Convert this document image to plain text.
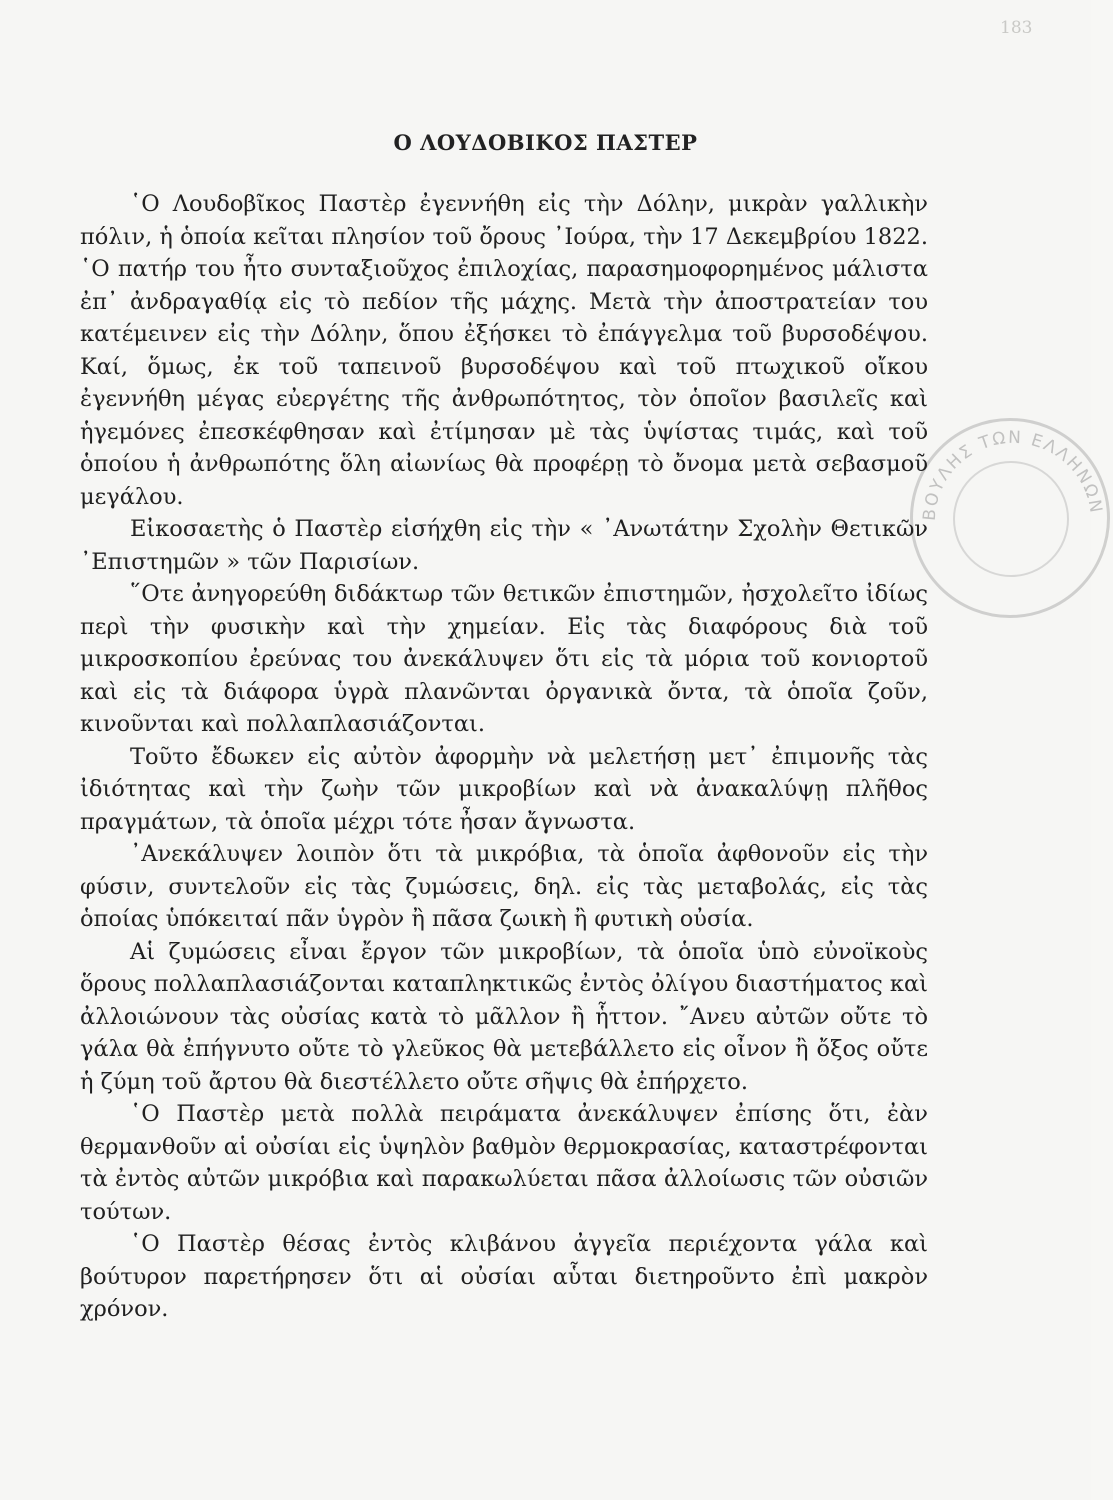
183
ΒΟΥΛΗΣ ΤΩΝ ΕΛΛΗΝΩΝ
Ο ΛΟΥΔΟΒΙΚΟΣ ΠΑΣΤΕΡ

῾Ο Λουδοβῖκος Παστὲρ ἐγεννήθη εἰς τὴν Δόλην, μικρὰν γαλλικὴν πόλιν, ἡ ὁποία κεῖται πλησίον τοῦ ὄρους ᾿Ιούρα, τὴν 17 Δεκεμβρίου 1822. ῾Ο πατήρ του ἦτο συνταξιοῦχος ἐπιλοχίας, παρασημοφορημένος μάλιστα ἐπ᾿ ἀνδραγαθίᾳ εἰς τὸ πεδίον τῆς μάχης. Μετὰ τὴν ἀποστρατείαν του κατέμεινεν εἰς τὴν Δόλην, ὅπου ἐξήσκει τὸ ἐπάγγελμα τοῦ βυρσοδέψου. Καί, ὅμως, ἐκ τοῦ ταπεινοῦ βυρσοδέψου καὶ τοῦ πτωχικοῦ οἴκου ἐγεννήθη μέγας εὐεργέτης τῆς ἀνθρωπότητος, τὸν ὁποῖον βασιλεῖς καὶ ἡγεμόνες ἐπεσκέφθησαν καὶ ἐτίμησαν μὲ τὰς ὑψίστας τιμάς, καὶ τοῦ ὁποίου ἡ ἀνθρωπότης ὅλη αἰωνίως θὰ προφέρῃ τὸ ὄνομα μετὰ σεβασμοῦ μεγάλου.

Εἰκοσαετὴς ὁ Παστὲρ εἰσήχθη εἰς τὴν « ᾿Ανωτάτην Σχολὴν Θετικῶν ᾿Επιστημῶν » τῶν Παρισίων.

῞Οτε ἀνηγορεύθη διδάκτωρ τῶν θετικῶν ἐπιστημῶν, ἠσχολεῖτο ἰδίως περὶ τὴν φυσικὴν καὶ τὴν χημείαν. Εἰς τὰς διαφόρους διὰ τοῦ μικροσκοπίου ἐρεύνας του ἀνεκάλυψεν ὅτι εἰς τὰ μόρια τοῦ κονιορτοῦ καὶ εἰς τὰ διάφορα ὑγρὰ πλανῶνται ὀργανικὰ ὄντα, τὰ ὁποῖα ζοῦν, κινοῦνται καὶ πολλαπλασιάζονται.

Τοῦτο ἔδωκεν εἰς αὐτὸν ἀφορμὴν νὰ μελετήσῃ μετ᾿ ἐπιμονῆς τὰς ἰδιότητας καὶ τὴν ζωὴν τῶν μικροβίων καὶ νὰ ἀνακαλύψῃ πλῆθος πραγμάτων, τὰ ὁποῖα μέχρι τότε ἦσαν ἄγνωστα.

᾿Ανεκάλυψεν λοιπὸν ὅτι τὰ μικρόβια, τὰ ὁποῖα ἀφθονοῦν εἰς τὴν φύσιν, συντελοῦν εἰς τὰς ζυμώσεις, δηλ. εἰς τὰς μεταβολάς, εἰς τὰς ὁποίας ὑπόκειταί πᾶν ὑγρὸν ἢ πᾶσα ζωικὴ ἢ φυτικὴ οὐσία.

Αἱ ζυμώσεις εἶναι ἔργον τῶν μικροβίων, τὰ ὁποῖα ὑπὸ εὐνοϊκοὺς ὅρους πολλαπλασιάζονται καταπληκτικῶς ἐντὸς ὀλίγου διαστήματος καὶ ἀλλοιώνουν τὰς οὐσίας κατὰ τὸ μᾶλλον ἢ ἧττον. ῎Ανευ αὐτῶν οὔτε τὸ γάλα θὰ ἐπήγνυτο οὔτε τὸ γλεῦκος θὰ μετεβάλλετο εἰς οἶνον ἢ ὄξος οὔτε ἡ ζύμη τοῦ ἄρτου θὰ διεστέλλετο οὔτε σῆψις θὰ ἐπήρχετο.

῾Ο Παστὲρ μετὰ πολλὰ πειράματα ἀνεκάλυψεν ἐπίσης ὅτι, ἐὰν θερμανθοῦν αἱ οὐσίαι εἰς ὑψηλὸν βαθμὸν θερμοκρασίας, καταστρέφονται τὰ ἐντὸς αὐτῶν μικρόβια καὶ παρακωλύεται πᾶσα ἀλλοίωσις τῶν οὐσιῶν τούτων.

῾Ο Παστὲρ θέσας ἐντὸς κλιβάνου ἀγγεῖα περιέχοντα γάλα καὶ βούτυρον παρετήρησεν ὅτι αἱ οὐσίαι αὗται διετηροῦντο ἐπὶ μακρὸν χρόνον.
